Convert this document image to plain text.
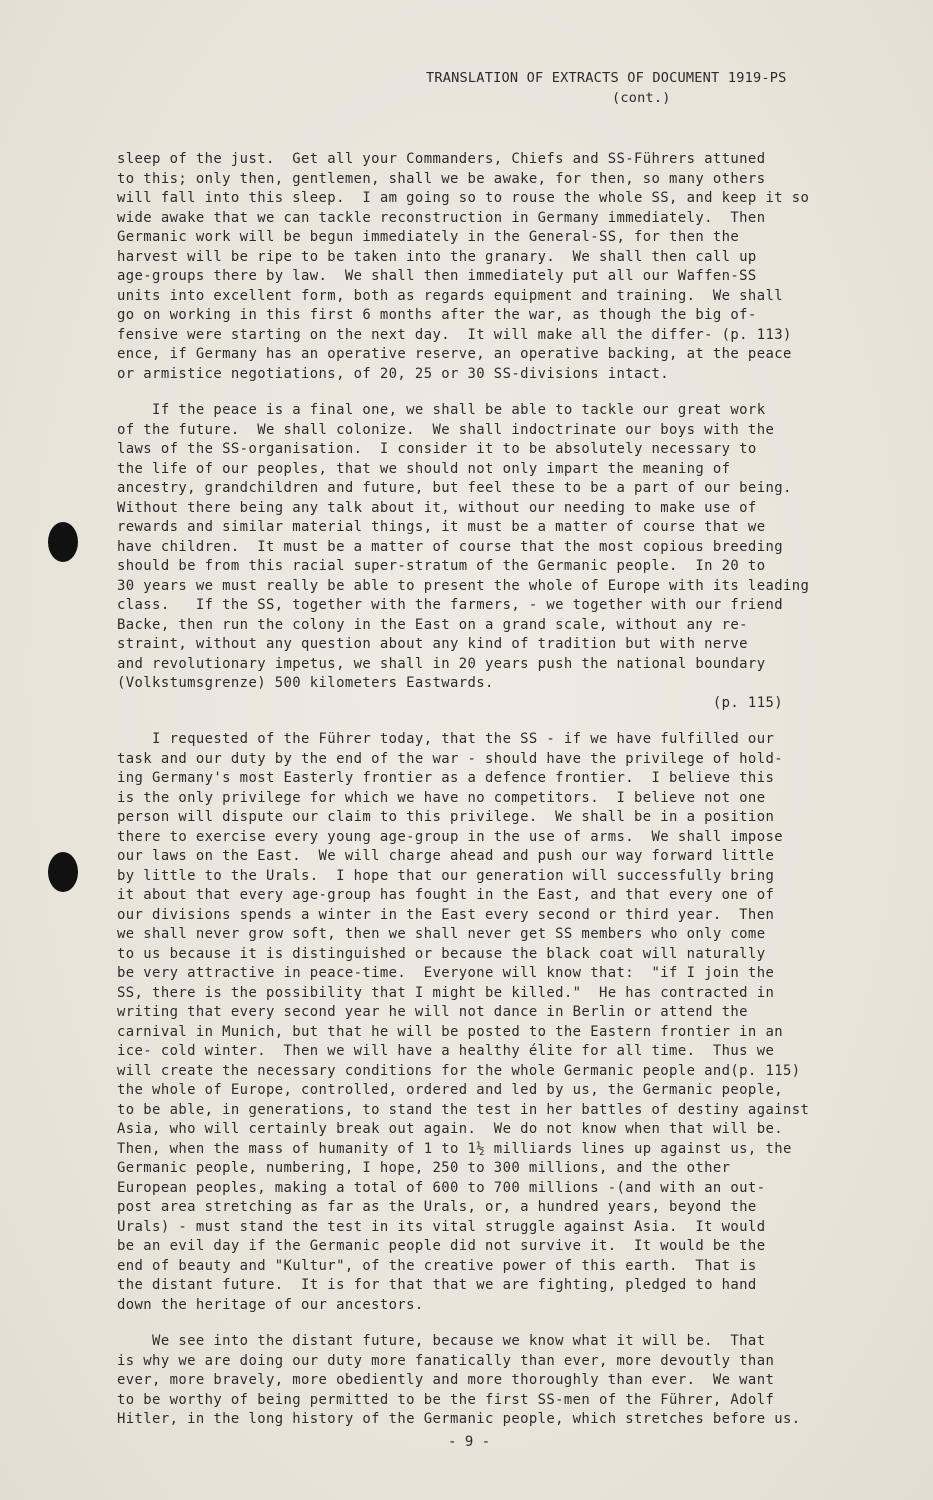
TRANSLATION OF EXTRACTS OF DOCUMENT 1919-PS
(cont.)
sleep of the just.  Get all your Commanders, Chiefs and SS-Führers attuned
to this; only then, gentlemen, shall we be awake, for then, so many others
will fall into this sleep.  I am going so to rouse the whole SS, and keep it so
wide awake that we can tackle reconstruction in Germany immediately.  Then
Germanic work will be begun immediately in the General-SS, for then the
harvest will be ripe to be taken into the granary.  We shall then call up
age-groups there by law.  We shall then immediately put all our Waffen-SS
units into excellent form, both as regards equipment and training.  We shall
go on working in this first 6 months after the war, as though the big of-
fensive were starting on the next day.  It will make all the differ- (p. 113)
ence, if Germany has an operative reserve, an operative backing, at the peace
or armistice negotiations, of 20, 25 or 30 SS-divisions intact.
If the peace is a final one, we shall be able to tackle our great work
of the future.  We shall colonize.  We shall indoctrinate our boys with the
laws of the SS-organisation.  I consider it to be absolutely necessary to
the life of our peoples, that we should not only impart the meaning of
ancestry, grandchildren and future, but feel these to be a part of our being.
Without there being any talk about it, without our needing to make use of
rewards and similar material things, it must be a matter of course that we
have children.  It must be a matter of course that the most copious breeding
should be from this racial super-stratum of the Germanic people.  In 20 to
30 years we must really be able to present the whole of Europe with its leading
class.   If the SS, together with the farmers, - we together with our friend
Backe, then run the colony in the East on a grand scale, without any re-
straint, without any question about any kind of tradition but with nerve
and revolutionary impetus, we shall in 20 years push the national boundary
(Volkstumsgrenze) 500 kilometers Eastwards.
(p. 115)
I requested of the Führer today, that the SS - if we have fulfilled our
task and our duty by the end of the war - should have the privilege of hold-
ing Germany's most Easterly frontier as a defence frontier.  I believe this
is the only privilege for which we have no competitors.  I believe not one
person will dispute our claim to this privilege.  We shall be in a position
there to exercise every young age-group in the use of arms.  We shall impose
our laws on the East.  We will charge ahead and push our way forward little
by little to the Urals.  I hope that our generation will successfully bring
it about that every age-group has fought in the East, and that every one of
our divisions spends a winter in the East every second or third year.  Then
we shall never grow soft, then we shall never get SS members who only come
to us because it is distinguished or because the black coat will naturally
be very attractive in peace-time.  Everyone will know that:  "if I join the
SS, there is the possibility that I might be killed."  He has contracted in
writing that every second year he will not dance in Berlin or attend the
carnival in Munich, but that he will be posted to the Eastern frontier in an
ice- cold winter.  Then we will have a healthy élite for all time.  Thus we
will create the necessary conditions for the whole Germanic people and(p. 115)
the whole of Europe, controlled, ordered and led by us, the Germanic people,
to be able, in generations, to stand the test in her battles of destiny against
Asia, who will certainly break out again.  We do not know when that will be.
Then, when the mass of humanity of 1 to 1½ milliards lines up against us, the
Germanic people, numbering, I hope, 250 to 300 millions, and the other
European peoples, making a total of 600 to 700 millions -(and with an out-
post area stretching as far as the Urals, or, a hundred years, beyond the
Urals) - must stand the test in its vital struggle against Asia.  It would
be an evil day if the Germanic people did not survive it.  It would be the
end of beauty and "Kultur", of the creative power of this earth.  That is
the distant future.  It is for that that we are fighting, pledged to hand
down the heritage of our ancestors.
We see into the distant future, because we know what it will be.  That
is why we are doing our duty more fanatically than ever, more devoutly than
ever, more bravely, more obediently and more thoroughly than ever.  We want
to be worthy of being permitted to be the first SS-men of the Führer, Adolf
Hitler, in the long history of the Germanic people, which stretches before us.
- 9 -
